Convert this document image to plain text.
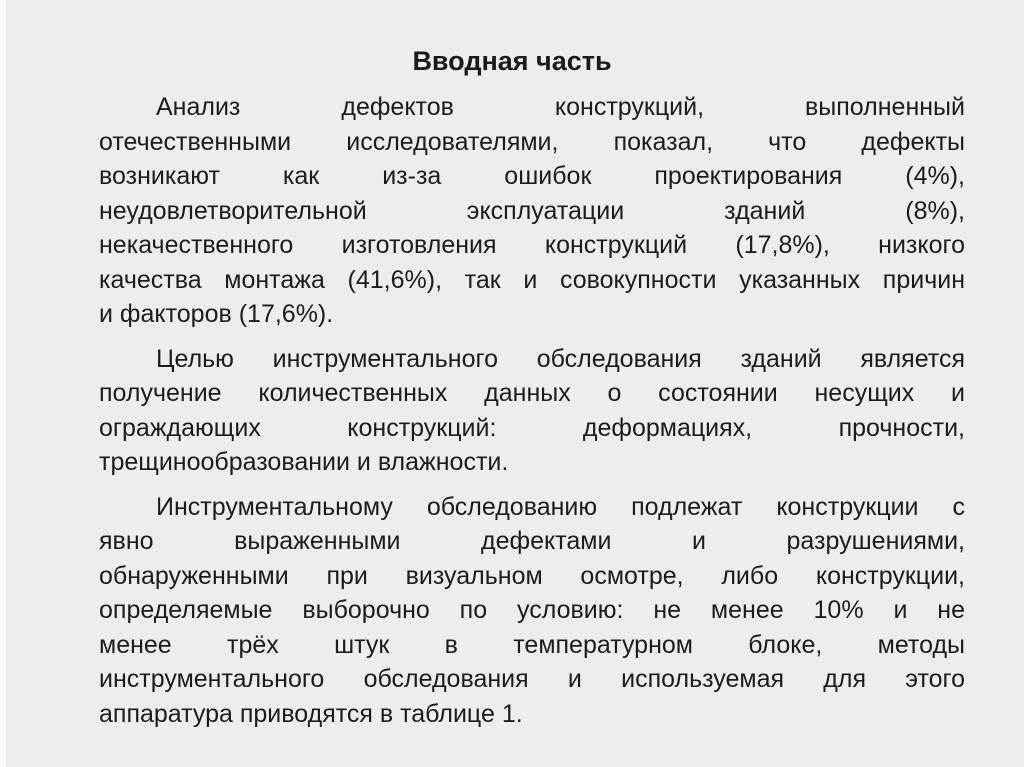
Вводная часть
Анализ дефектов конструкций, выполненный
отечественными исследователями, показал, что дефекты
возникают как из-за ошибок проектирования (4%),
неудовлетворительной эксплуатации зданий (8%),
некачественного изготовления конструкций (17,8%), низкого
качества монтажа (41,6%), так и совокупности указанных причин
и факторов (17,6%).
Целью инструментального обследования зданий является
получение количественных данных о состоянии несущих и
ограждающих конструкций: деформациях, прочности,
трещинообразовании и влажности.
Инструментальному обследованию подлежат конструкции с
явно выраженными дефектами и разрушениями,
обнаруженными при визуальном осмотре, либо конструкции,
определяемые выборочно по условию: не менее 10% и не
менее трёх штук в температурном блоке, методы
инструментального обследования и используемая для этого
аппаратура приводятся в таблице 1.
